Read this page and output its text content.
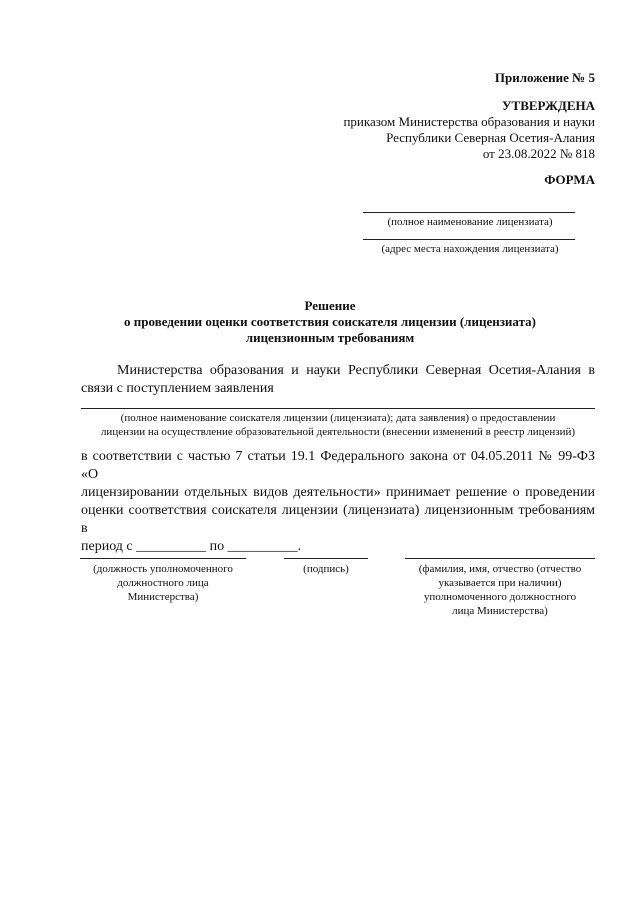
Приложение № 5
УТВЕРЖДЕНА
приказом Министерства образования и науки
Республики Северная Осетия-Алания
от 23.08.2022 № 818
ФОРМА
(полное наименование лицензиата)
(адрес места нахождения лицензиата)
Решение
о проведении оценки соответствия соискателя лицензии (лицензиата)
лицензионным требованиям
Министерства образования и науки Республики Северная Осетия-Алания в
связи с поступлением заявления
(полное наименование соискателя лицензии (лицензиата); дата заявления) о предоставлении
лицензии на осуществление образовательной деятельности (внесении изменений в реестр лицензий)
в соответствии с частью 7 статьи 19.1 Федерального закона от 04.05.2011 № 99-ФЗ «О
лицензировании отдельных видов деятельности» принимает решение о проведении
оценки соответствия соискателя лицензии (лицензиата) лицензионным требованиям в
период с __________ по __________.
(должность уполномоченного
должностного лица
Министерства)
(подпись)	(фамилия, имя, отчество (отчество
указывается при наличии)
уполномоченного должностного
лица Министерства)
